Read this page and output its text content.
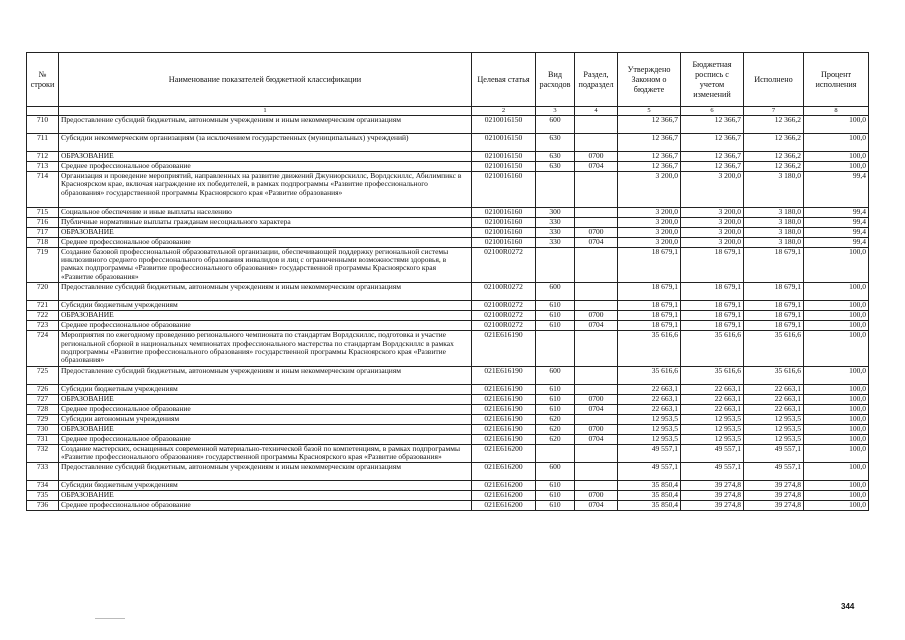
№ строки	Наименование показателей бюджетной классификации	Целевая статья	Вид расходов	Раздел, подраздел	Утверждено Законом о бюджете	Бюджетная роспись с учетом изменений	Исполнено	Процент исполнения
	1	2	3	4	5	6	7	8
710	Предоставление субсидий бюджетным, автономным учреждениям и иным некоммерческим организациям	0210016150	600		12 366,7	12 366,7	12 366,2	100,0
711	Субсидии некоммерческим организациям (за исключением государственных (муниципальных) учреждений)	0210016150	630		12 366,7	12 366,7	12 366,2	100,0
712	ОБРАЗОВАНИЕ	0210016150	630	0700	12 366,7	12 366,7	12 366,2	100,0
713	Среднее профессиональное образование	0210016150	630	0704	12 366,7	12 366,7	12 366,2	100,0
714	Организация и проведение мероприятий, направленных на развитие движений Джуниорскиллс, Ворлдскиллс, Абилимпикс в Красноярском крае, включая награждение их победителей, в рамках подпрограммы «Развитие профессионального образования» государственной программы Красноярского края «Развитие образования»	0210016160			3 200,0	3 200,0	3 180,0	99,4
715	Социальное обеспечение и иные выплаты населению	0210016160	300		3 200,0	3 200,0	3 180,0	99,4
716	Публичные нормативные выплаты гражданам несоциального характера	0210016160	330		3 200,0	3 200,0	3 180,0	99,4
717	ОБРАЗОВАНИЕ	0210016160	330	0700	3 200,0	3 200,0	3 180,0	99,4
718	Среднее профессиональное образование	0210016160	330	0704	3 200,0	3 200,0	3 180,0	99,4
719	Создание базовой профессиональной образовательной организации, обеспечивающей поддержку региональной системы инклюзивного среднего профессионального образования инвалидов и лиц с ограниченными возможностями здоровья, в рамках подпрограммы «Развитие профессионального образования» государственной программы Красноярского края «Развитие образования»	02100R0272			18 679,1	18 679,1	18 679,1	100,0
720	Предоставление субсидий бюджетным, автономным учреждениям и иным некоммерческим организациям	02100R0272	600		18 679,1	18 679,1	18 679,1	100,0
721	Субсидии бюджетным учреждениям	02100R0272	610		18 679,1	18 679,1	18 679,1	100,0
722	ОБРАЗОВАНИЕ	02100R0272	610	0700	18 679,1	18 679,1	18 679,1	100,0
723	Среднее профессиональное образование	02100R0272	610	0704	18 679,1	18 679,1	18 679,1	100,0
724	Мероприятия по ежегодному проведению регионального чемпионата по стандартам Ворлдскиллс, подготовка и участие региональной сборной в национальных чемпионатах профессионального мастерства по стандартам Ворлдскиллс в рамках подпрограммы «Развитие профессионального образования» государственной программы Красноярского края «Развитие образования»	021E616190			35 616,6	35 616,6	35 616,6	100,0
725	Предоставление субсидий бюджетным, автономным учреждениям и иным некоммерческим организациям	021E616190	600		35 616,6	35 616,6	35 616,6	100,0
726	Субсидии бюджетным учреждениям	021E616190	610		22 663,1	22 663,1	22 663,1	100,0
727	ОБРАЗОВАНИЕ	021E616190	610	0700	22 663,1	22 663,1	22 663,1	100,0
728	Среднее профессиональное образование	021E616190	610	0704	22 663,1	22 663,1	22 663,1	100,0
729	Субсидии автономным учреждениям	021E616190	620		12 953,5	12 953,5	12 953,5	100,0
730	ОБРАЗОВАНИЕ	021E616190	620	0700	12 953,5	12 953,5	12 953,5	100,0
731	Среднее профессиональное образование	021E616190	620	0704	12 953,5	12 953,5	12 953,5	100,0
732	Создание мастерских, оснащенных современной материально-технической базой по компетенциям, в рамках подпрограммы «Развитие профессионального образования» государственной программы Красноярского края «Развитие образования»	021E616200			49 557,1	49 557,1	49 557,1	100,0
733	Предоставление субсидий бюджетным, автономным учреждениям и иным некоммерческим организациям	021E616200	600		49 557,1	49 557,1	49 557,1	100,0
734	Субсидии бюджетным учреждениям	021E616200	610		35 850,4	39 274,8	39 274,8	100,0
735	ОБРАЗОВАНИЕ	021E616200	610	0700	35 850,4	39 274,8	39 274,8	100,0
736	Среднее профессиональное образование	021E616200	610	0704	35 850,4	39 274,8	39 274,8	100,0
344
